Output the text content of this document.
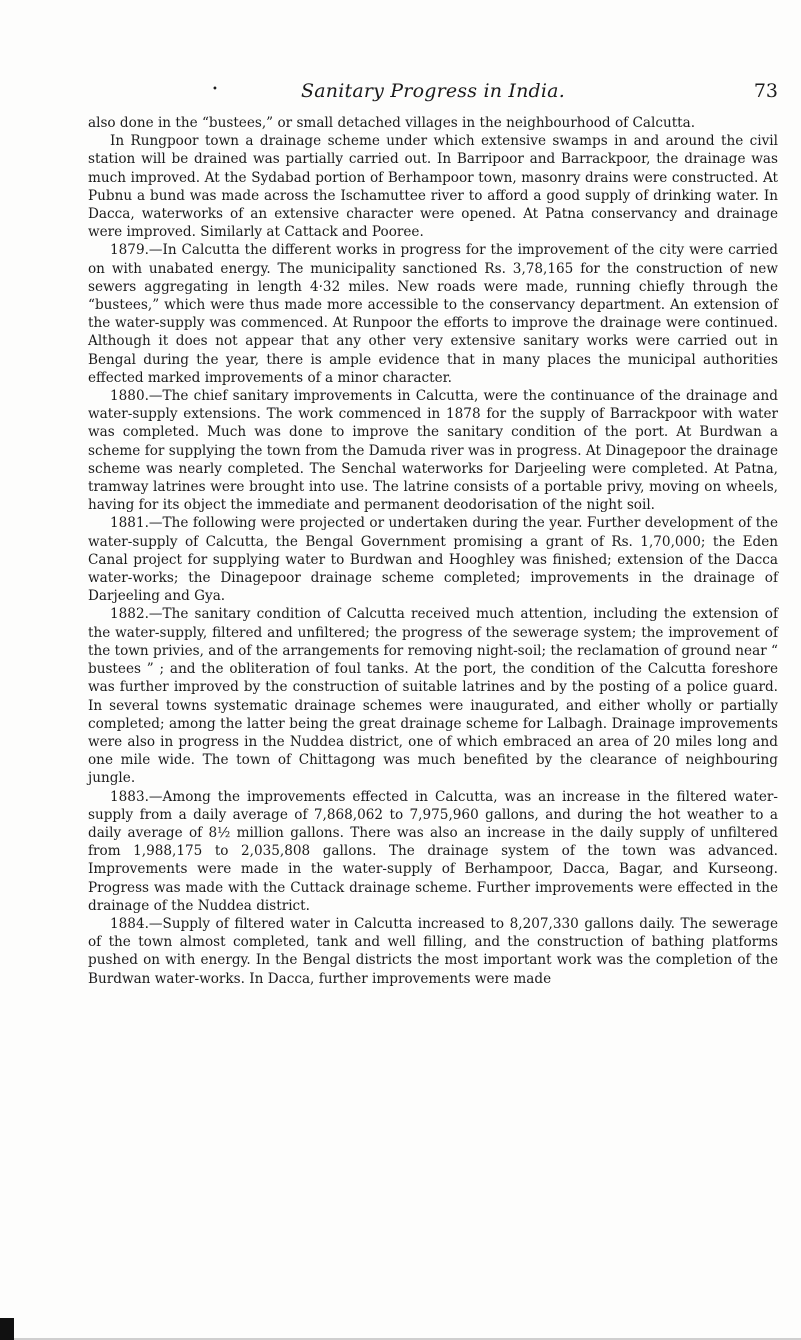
•	Sanitary Progress in India.	73

also done in the “bustees,” or small detached villages in the neighbourhood of Calcutta.

In Rungpoor town a drainage scheme under which extensive swamps in and around the civil station will be drained was partially carried out. In Barripoor and Barrackpoor, the drainage was much improved. At the Sydabad portion of Berhampoor town, masonry drains were constructed. At Pubnu a bund was made across the Ischamuttee river to afford a good supply of drinking water. In Dacca, waterworks of an extensive character were opened. At Patna conservancy and drainage were improved. Similarly at Cattack and Pooree.

1879.—In Calcutta the different works in progress for the improvement of the city were carried on with unabated energy. The municipality sanctioned Rs. 3,78,165 for the construction of new sewers aggregating in length 4·32 miles. New roads were made, running chiefly through the “bustees,” which were thus made more accessible to the conservancy department. An extension of the water-supply was commenced. At Runpoor the efforts to improve the drainage were continued. Although it does not appear that any other very extensive sanitary works were carried out in Bengal during the year, there is ample evidence that in many places the municipal authorities effected marked improvements of a minor character.

1880.—The chief sanitary improvements in Calcutta, were the continuance of the drainage and water-supply extensions. The work commenced in 1878 for the supply of Barrackpoor with water was completed. Much was done to improve the sanitary condition of the port. At Burdwan a scheme for supplying the town from the Damuda river was in progress. At Dinagepoor the drainage scheme was nearly completed. The Senchal waterworks for Darjeeling were completed. At Patna, tramway latrines were brought into use. The latrine consists of a portable privy, moving on wheels, having for its object the immediate and permanent deodorisation of the night soil.

1881.—The following were projected or undertaken during the year. Further development of the water-supply of Calcutta, the Bengal Government promising a grant of Rs. 1,70,000; the Eden Canal project for supplying water to Burdwan and Hooghley was finished; extension of the Dacca water-works; the Dinagepoor drainage scheme completed; improvements in the drainage of Darjeeling and Gya.

1882.—The sanitary condition of Calcutta received much attention, including the extension of the water-supply, filtered and unfiltered; the progress of the sewerage system; the improvement of the town privies, and of the arrangements for removing night-soil; the reclamation of ground near “ bustees ” ; and the obliteration of foul tanks. At the port, the condition of the Calcutta foreshore was further improved by the construction of suitable latrines and by the posting of a police guard. In several towns systematic drainage schemes were inaugurated, and either wholly or partially completed; among the latter being the great drainage scheme for Lalbagh. Drainage improvements were also in progress in the Nuddea district, one of which embraced an area of 20 miles long and one mile wide. The town of Chittagong was much benefited by the clearance of neighbouring jungle.

1883.—Among the improvements effected in Calcutta, was an increase in the filtered water-supply from a daily average of 7,868,062 to 7,975,960 gallons, and during the hot weather to a daily average of 8½ million gallons. There was also an increase in the daily supply of unfiltered from 1,988,175 to 2,035,808 gallons. The drainage system of the town was advanced. Improvements were made in the water-supply of Berhampoor, Dacca, Bagar, and Kurseong. Progress was made with the Cuttack drainage scheme. Further improvements were effected in the drainage of the Nuddea district.

1884.—Supply of filtered water in Calcutta increased to 8,207,330 gallons daily. The sewerage of the town almost completed, tank and well filling, and the construction of bathing platforms pushed on with energy. In the Bengal districts the most important work was the completion of the Burdwan water-works. In Dacca, further improvements were made
